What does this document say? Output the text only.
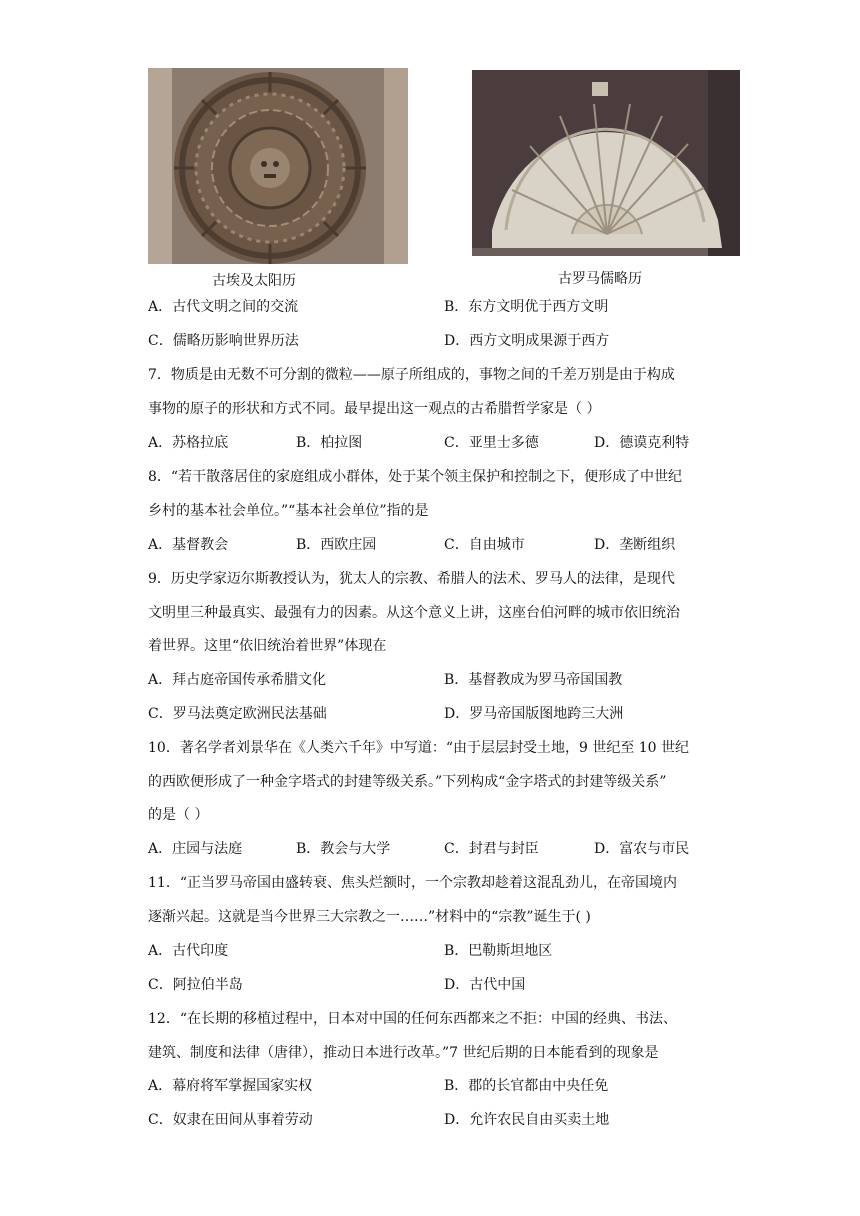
古埃及太阳历	古罗马儒略历
A．古代文明之间的交流	B．东方文明优于西方文明
C．儒略历影响世界历法	D．西方文明成果源于西方
7．物质是由无数不可分割的微粒——原子所组成的，事物之间的千差万别是由于构成
事物的原子的形状和方式不同。最早提出这一观点的古希腊哲学家是（ ）
A．苏格拉底	B．柏拉图	C．亚里士多德	D．德谟克利特
8．“若干散落居住的家庭组成小群体，处于某个领主保护和控制之下，便形成了中世纪
乡村的基本社会单位。”“基本社会单位”指的是
A．基督教会	B．西欧庄园	C．自由城市	D．垄断组织
9．历史学家迈尔斯教授认为，犹太人的宗教、希腊人的法术、罗马人的法律，是现代
文明里三种最真实、最强有力的因素。从这个意义上讲，这座台伯河畔的城市依旧统治
着世界。这里“依旧统治着世界”体现在
A．拜占庭帝国传承希腊文化	B．基督教成为罗马帝国国教
C．罗马法奠定欧洲民法基础	D．罗马帝国版图地跨三大洲
10．著名学者刘景华在《人类六千年》中写道：“由于层层封受土地，9 世纪至 10 世纪
的西欧便形成了一种金字塔式的封建等级关系。”下列构成“金字塔式的封建等级关系”
的是（ ）
A．庄园与法庭	B．教会与大学	C．封君与封臣	D．富农与市民
11．“正当罗马帝国由盛转衰、焦头烂额时，一个宗教却趁着这混乱劲儿，在帝国境内
逐渐兴起。这就是当今世界三大宗教之一……”材料中的“宗教”诞生于( )
A．古代印度	B．巴勒斯坦地区
C．阿拉伯半岛	D．古代中国
12．“在长期的移植过程中，日本对中国的任何东西都来之不拒：中国的经典、书法、
建筑、制度和法律（唐律），推动日本进行改革。”7 世纪后期的日本能看到的现象是
A．幕府将军掌握国家实权	B．郡的长官都由中央任免
C．奴隶在田间从事着劳动	D．允许农民自由买卖土地
